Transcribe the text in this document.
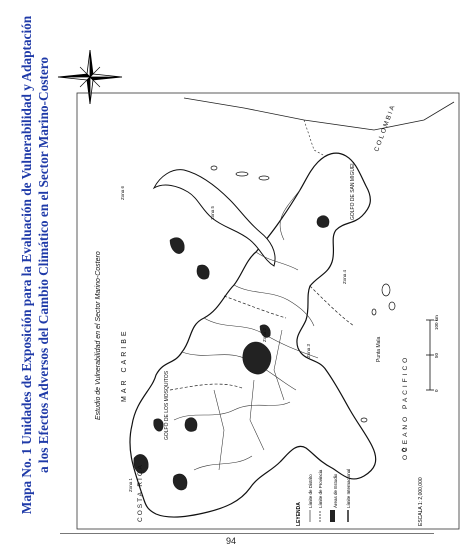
Mapa No. 1 Unidades de Exposición para la Evaluación de Vulnerabilidad y Adaptación a los Efectos Adversos del Cambio Climático en el Sector Marino-Costero	COLOMBIA
COSTA RICA
MAR CARIBE	OCEANO PACIFICO
GOLFO DE LOS MOSQUITOS
GOLFO DE SAN MIGUEL
Punta Mala
Zona 1
Zona 2
Zona 3
Zona 4
Zona 5
Zona 6
Estudio de Vulnerabilidad en el Sector Marino-Costero
LEYENDA
Límite de Distrito Límite de Provincia Áreas de Estudio Límite Internacional	ESCALA 1: 2,000,000
0
50
100 km
94
